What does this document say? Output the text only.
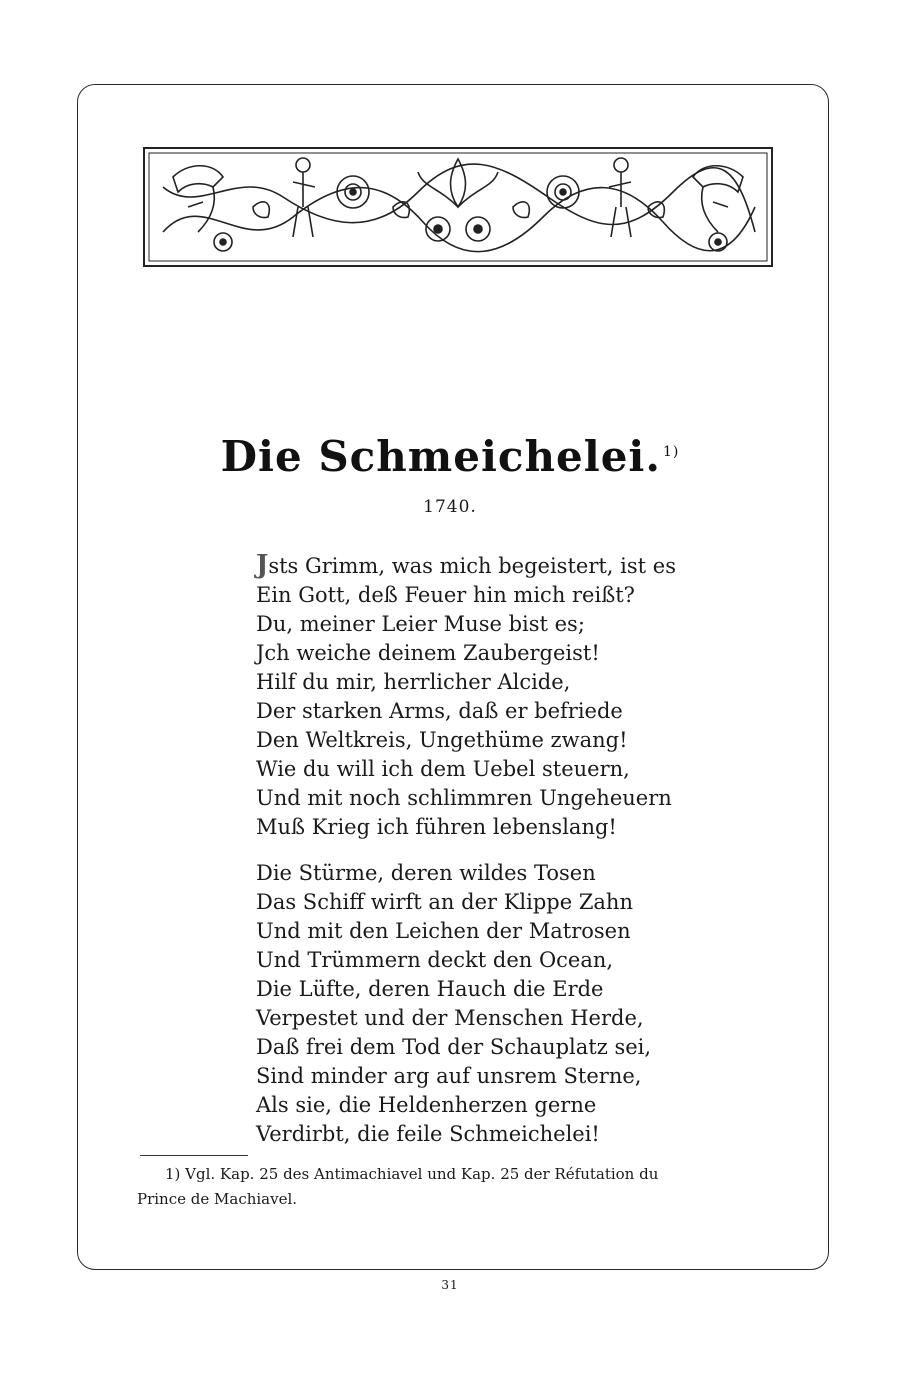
Die Schmeichelei. $^{1)}$
1740.
Jsts Grimm, was mich begeistert, ist es
Ein Gott, deß Feuer hin mich reißt?
Du, meiner Leier Muse bist es;
Jch weiche deinem Zaubergeist!
Hilf du mir, herrlicher Alcide,
Der starken Arms, daß er befriede
Den Weltkreis, Ungethüme zwang!
Wie du will ich dem Uebel steuern,
Und mit noch schlimmren Ungeheuern
Muß Krieg ich führen lebenslang!
Die Stürme, deren wildes Tosen
Das Schiff wirft an der Klippe Zahn
Und mit den Leichen der Matrosen
Und Trümmern deckt den Ocean,
Die Lüfte, deren Hauch die Erde
Verpestet und der Menschen Herde,
Daß frei dem Tod der Schauplatz sei,
Sind minder arg auf unsrem Sterne,
Als sie, die Heldenherzen gerne
Verdirbt, die feile Schmeichelei!
1) Vgl. Kap. 25 des Antimachiavel und Kap. 25 der Réfutation du
Prince de Machiavel.
31
